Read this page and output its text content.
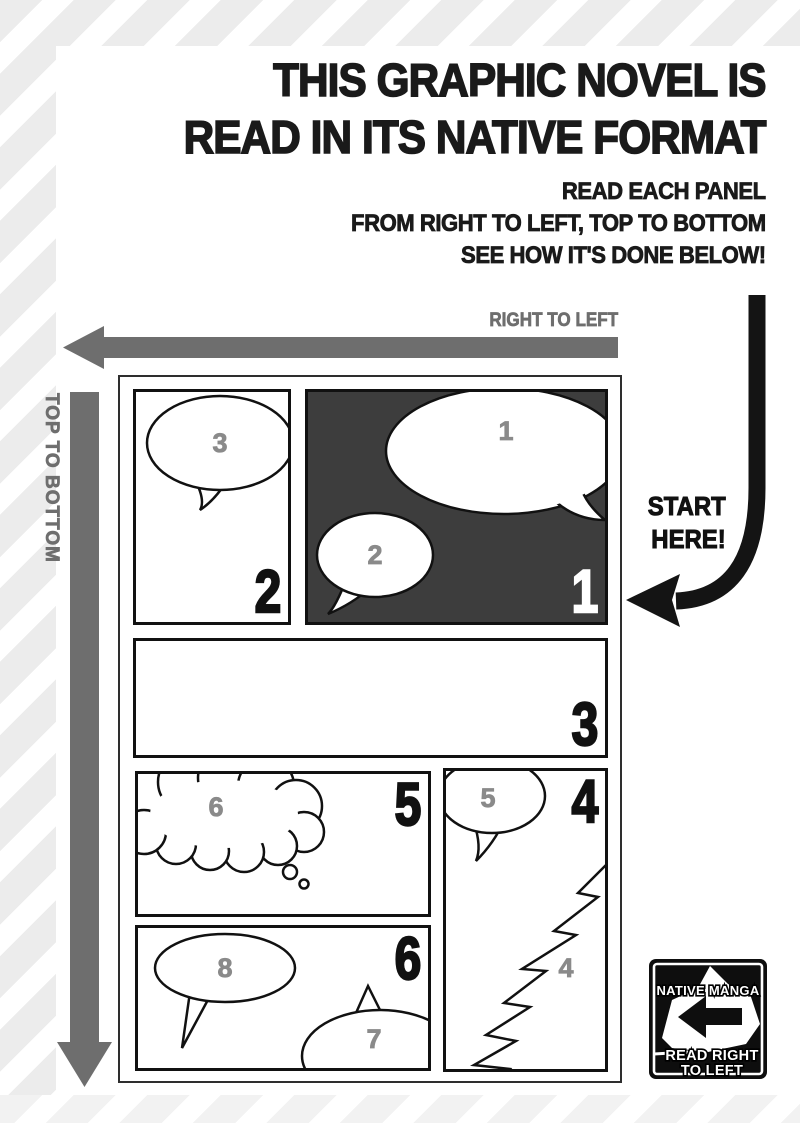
THIS GRAPHIC NOVEL IS
READ IN ITS NATIVE FORMAT
READ EACH PANEL
FROM RIGHT TO LEFT, TOP TO BOTTOM
SEE HOW IT'S DONE BELOW!
RIGHT TO LEFT
TOP TO BOTTOM	START
HERE!
1
2
1
3
2
3
6	5
8
7
6	4
5 4
NATIVE MANGA
READ RIGHT
TO LEFT
